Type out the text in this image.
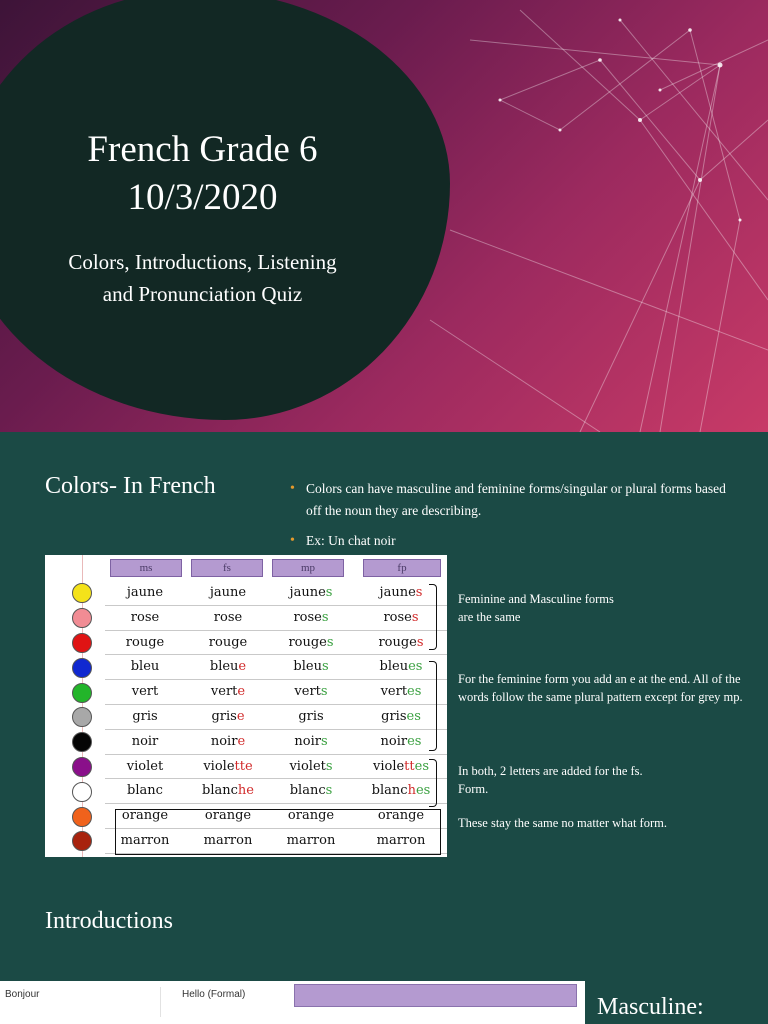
French Grade 6
10/3/2020
Colors, Introductions, Listening
and Pronunciation Quiz
Colors- In French	• Colors can have masculine and feminine forms/singular or plural forms based off the noun they are describing.
• Ex: Un chat noir
ms	fs	mp	fp
jaune	jaune	jaunes	jaunes
rose	rose	roses	roses
rouge	rouge	rouges	rouges
bleu	bleue	bleus	bleues
vert	verte	verts	vertes
gris	grise	gris	grises
noir	noire	noirs	noires
violet	violette	violets	violettes
blanc	blanche	blancs	blanches
orange	orange	orange	orange
marron	marron	marron	marron
Feminine and Masculine forms are the same
For the feminine form you add an e at the end. All of the words follow the same plural pattern except for grey mp.
In both, 2 letters are added for the fs. Form.
These stay the same no matter what form.
Introductions
Bonjour	Hello (Formal)	Masculine:
